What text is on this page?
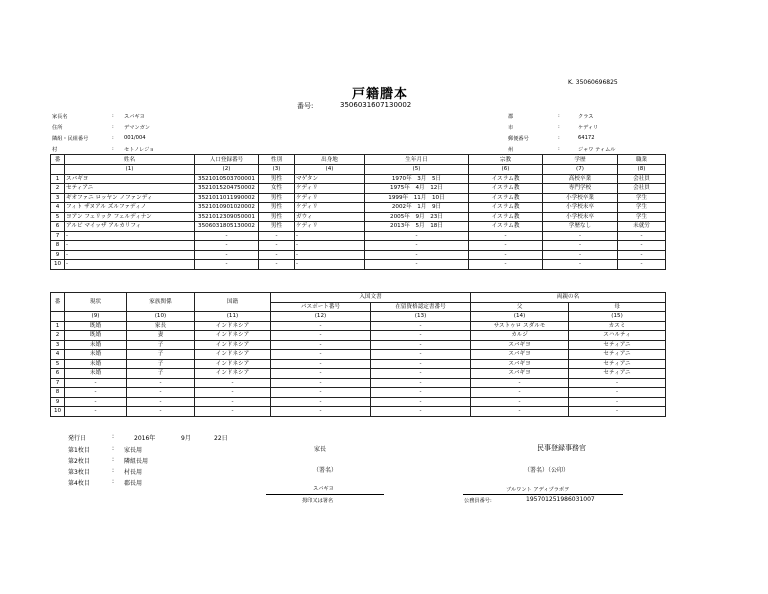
K. 35060696825
戸籍謄本
番号:	3506031607130002
家長名	: スバギヨ
住所	: デマンガン
隣組・民組番号	: 001/004
村	: セトノレジョ
郡	:	クラス
市	:	ケディリ
郵便番号	:	64172
州	:	ジャワ ティムル
番	姓名	人口登録番号	性別	出身地	生年月日	宗教	学歴	職業
	(1)	(2)	(3)	(4)	(5)	(6)	(7)	(8)
1	スバギヨ	3521010503700001	男性	マゲタン	1970年　3月　5日	イスラム教	高校卒業	会社員
2	セティアニ	3521015204750002	女性	ケディリ	1975年　4月　12日	イスラム教	専門学校	会社員
3	ギオファニ ロッヤン ノファンディ	3521011011990002	男性	ケディリ	1999年　11月　10日	イスラム教	小学校卒業	学生
4	フィト ザヌアル ズルファディノ	3521010901020002	男性	ケディリ	2002年　1月　9日	イスラム教	小学校未卒	学生
5	ヨアン フェリック フェルディナン	3521012309050001	男性	ガウィ	2005年　9月　23日	イスラム教	小学校未卒	学生
6	アルビ マイッザ アルカリフィ	3506031805130002	男性	ケディリ	2013年　5月　18日	イスラム教	学歴なし	未就労
7	-	-	-	-	-	-	-	-
8	-	-	-	-	-	-	-	-
9	-	-	-	-	-	-	-	-
10	-	-	-	-	-	-	-	-
番	現状	家族関係	国籍	入国文書		両親の名	
				パスポート番号	在留資格認定書番号	父	母
	(9)	(10)	(11)	(12)	(13)	(14)	(15)
1	既婚	家長	インドネシア	-	-	サストゥロ スダルモ	カスミ
2	既婚	妻	インドネシア	-	-	カルジ	スハルティ
3	未婚	子	インドネシア	-	-	スバギヨ	セティアニ
4	未婚	子	インドネシア	-	-	スバギヨ	セティアニ
5	未婚	子	インドネシア	-	-	スバギヨ	セティアニ
6	未婚	子	インドネシア	-	-	スバギヨ	セティアニ
7	-	-	-	-	-	-	-
8	-	-	-	-	-	-	-
9	-	-	-	-	-	-	-
10	-	-	-	-	-	-	-
発行日	:	2016年	9月	22日
第1枚目	: 家長用
第2枚目	: 隣組長用
第3枚目	: 村長用
第4枚目	: 郡長用
家長
（署名）
スバギヨ
拇印又は署名
民事登録事務官
（署名）（公印）
ブルワント アディプラボヲ
公務員番号:	195701251986031007
